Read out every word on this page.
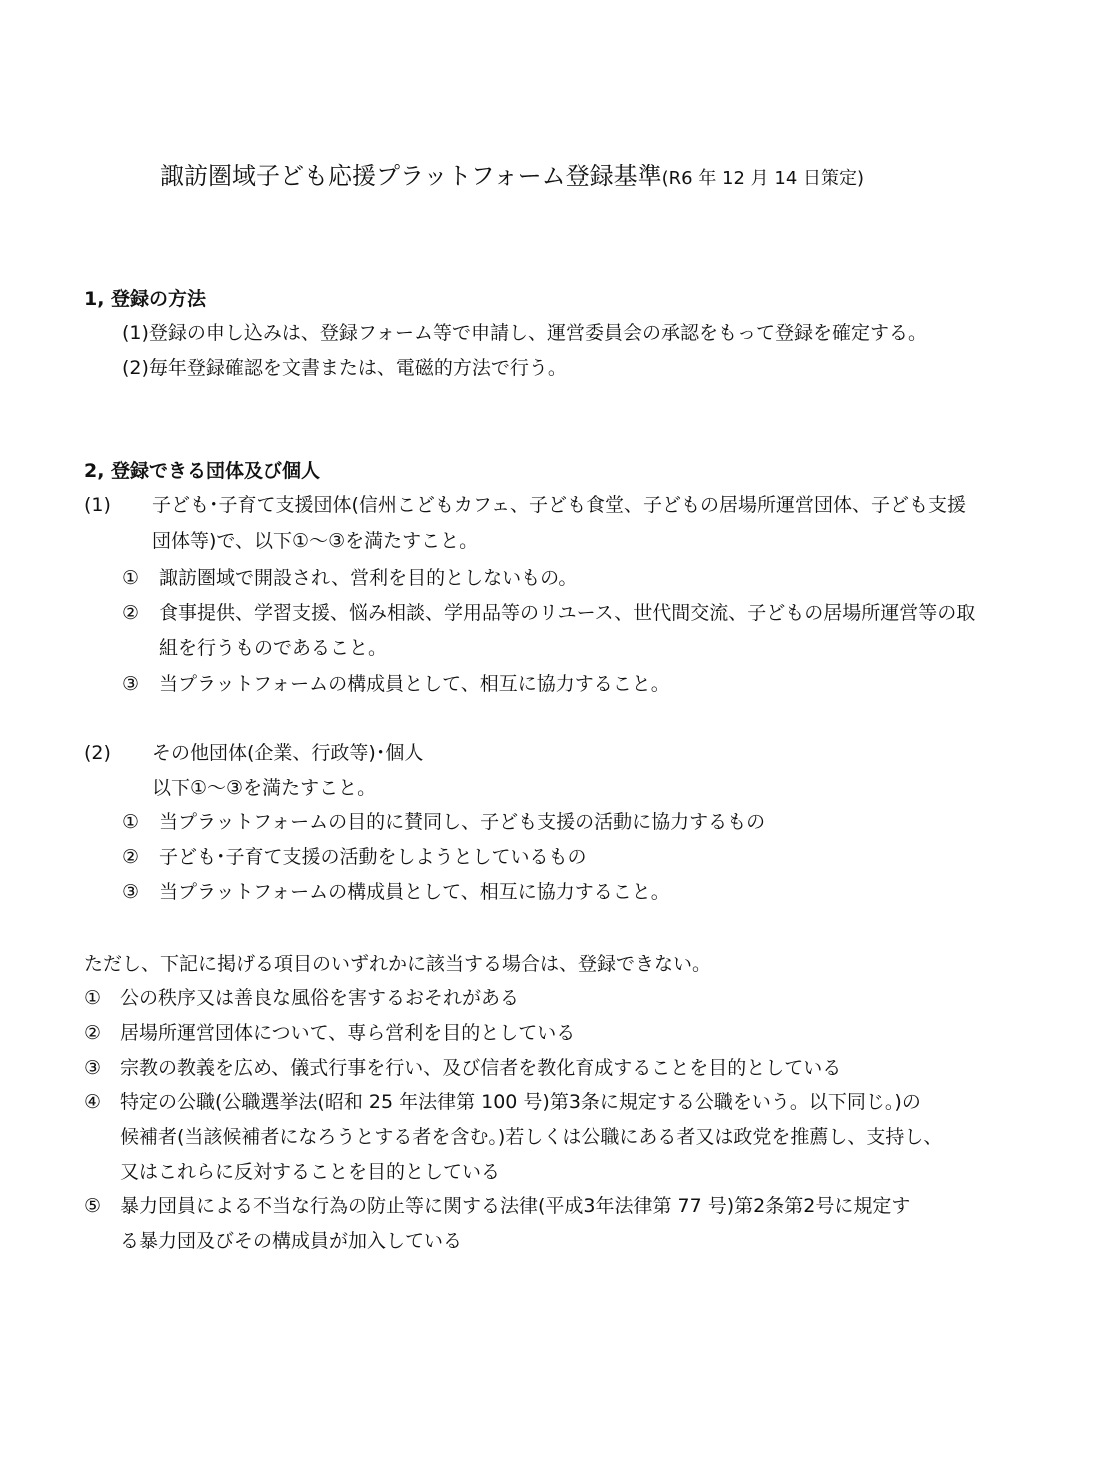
諏訪圏域子ども応援プラットフォーム登録基準(R6 年 12 月 14 日策定)
1, 登録の方法
(1)登録の申し込みは、登録フォーム等で申請し、運営委員会の承認をもって登録を確定する。
(2)毎年登録確認を文書または、電磁的方法で行う。
2, 登録できる団体及び個人
(1) 子ども･子育て支援団体(信州こどもカフェ、子ども食堂、子どもの居場所運営団体、子ども支援
団体等)で、以下①～③を満たすこと。
① 諏訪圏域で開設され、営利を目的としないもの。
② 食事提供、学習支援、悩み相談、学用品等のリユース、世代間交流、子どもの居場所運営等の取
組を行うものであること。
③ 当プラットフォームの構成員として、相互に協力すること。
(2) その他団体(企業、行政等)･個人
以下①～③を満たすこと。
① 当プラットフォームの目的に賛同し、子ども支援の活動に協力するもの
② 子ども･子育て支援の活動をしようとしているもの
③ 当プラットフォームの構成員として、相互に協力すること。
ただし、下記に掲げる項目のいずれかに該当する場合は、登録できない。
① 公の秩序又は善良な風俗を害するおそれがある
② 居場所運営団体について、専ら営利を目的としている
③ 宗教の教義を広め、儀式行事を行い、及び信者を教化育成することを目的としている
④ 特定の公職(公職選挙法(昭和 25 年法律第 100 号)第3条に規定する公職をいう。以下同じ。)の
候補者(当該候補者になろうとする者を含む。)若しくは公職にある者又は政党を推薦し、支持し、
又はこれらに反対することを目的としている
⑤ 暴力団員による不当な行為の防止等に関する法律(平成3年法律第 77 号)第2条第2号に規定す
る暴力団及びその構成員が加入している
